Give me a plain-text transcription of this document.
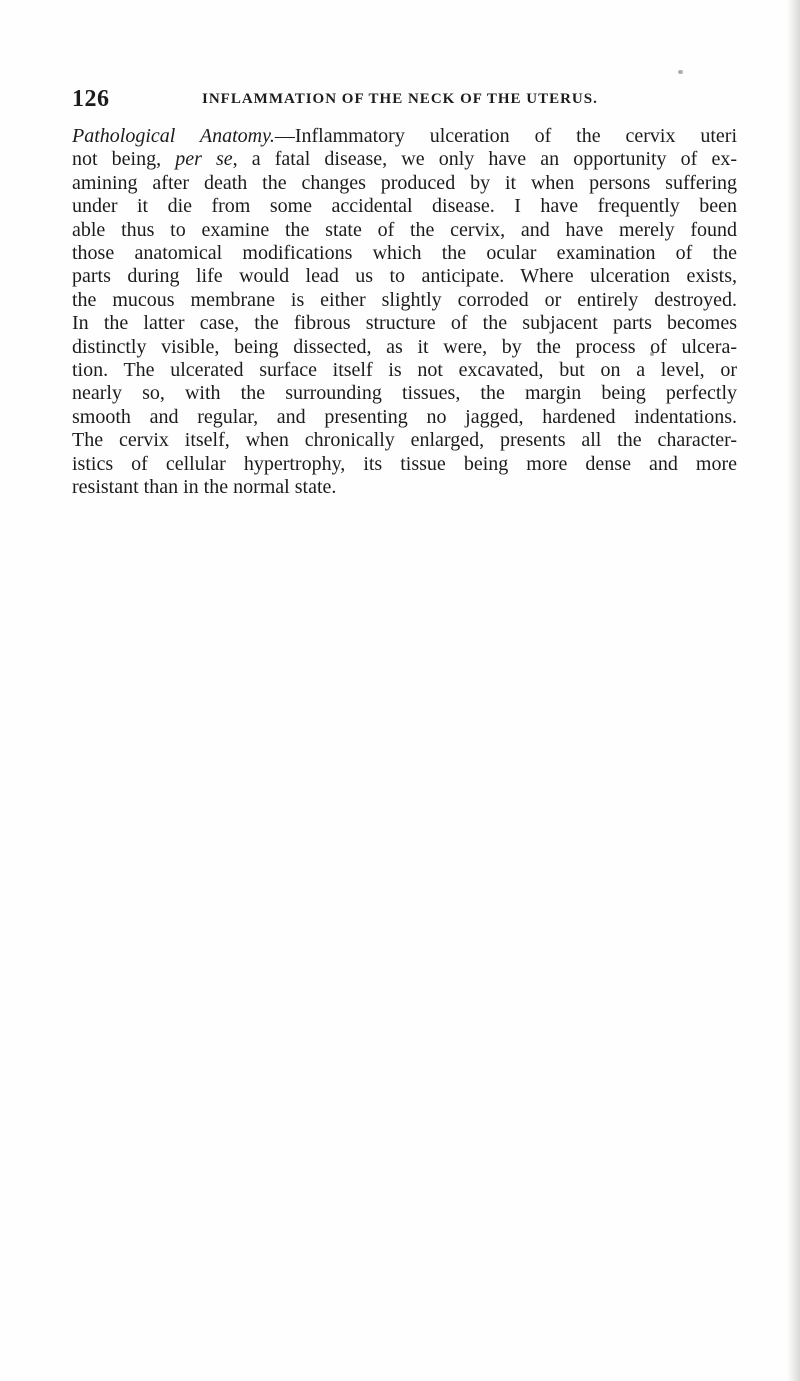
126	INFLAMMATION OF THE NECK OF THE UTERUS.
Pathological Anatomy.—Inflammatory ulceration of the cervix uteri
not being, per se, a fatal disease, we only have an opportunity of ex-
amining after death the changes produced by it when persons suffering
under it die from some accidental disease. I have frequently been
able thus to examine the state of the cervix, and have merely found
those anatomical modifications which the ocular examination of the
parts during life would lead us to anticipate. Where ulceration exists,
the mucous membrane is either slightly corroded or entirely destroyed.
In the latter case, the fibrous structure of the subjacent parts becomes
distinctly visible, being dissected, as it were, by the process of ulcera-
tion. The ulcerated surface itself is not excavated, but on a level, or
nearly so, with the surrounding tissues, the margin being perfectly
smooth and regular, and presenting no jagged, hardened indentations.
The cervix itself, when chronically enlarged, presents all the character-
istics of cellular hypertrophy, its tissue being more dense and more
resistant than in the normal state.
